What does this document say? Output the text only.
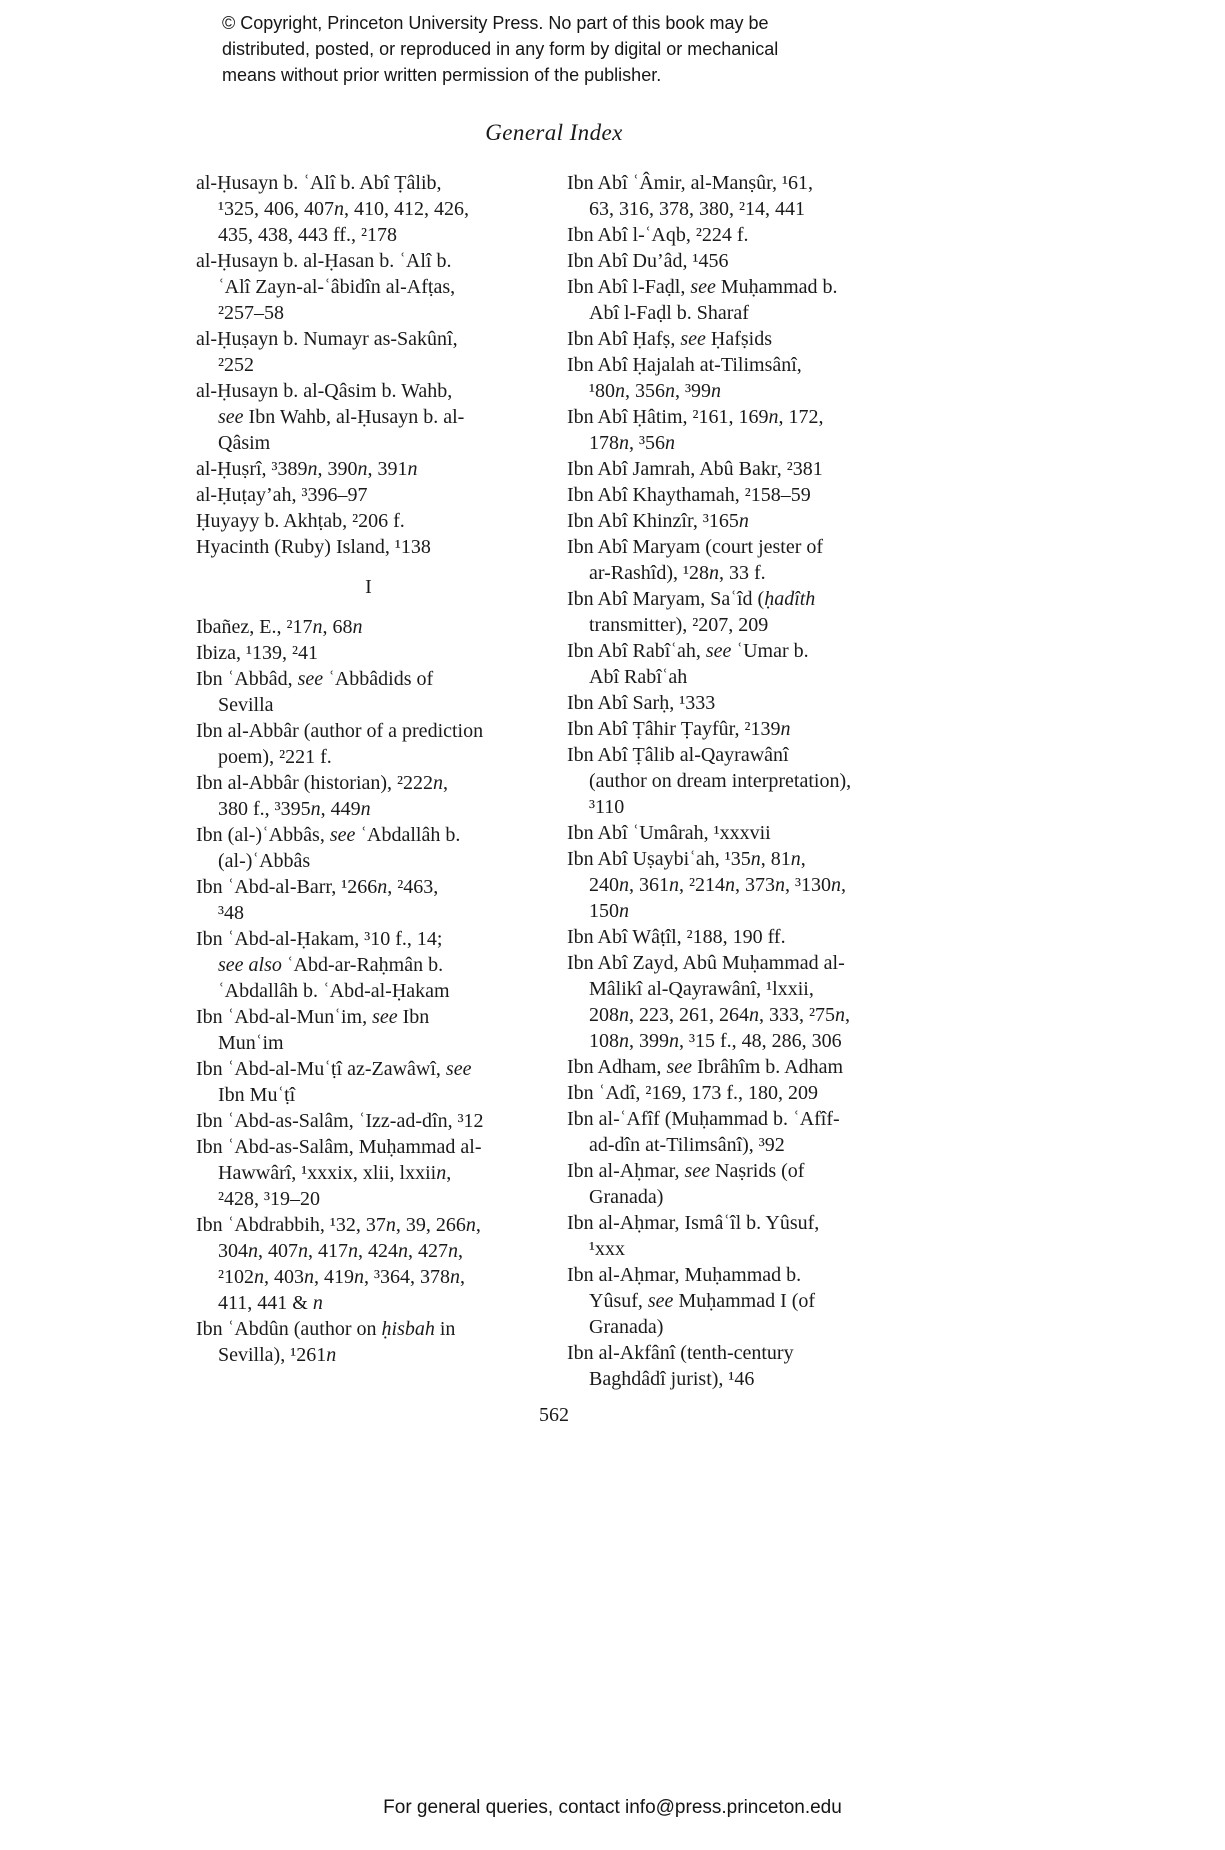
© Copyright, Princeton University Press. No part of this book may be
distributed, posted, or reproduced in any form by digital or mechanical
means without prior written permission of the publisher.
General Index
al-Ḥusayn b. ʿAlî b. Abî Ṭâlib,
¹325, 406, 407n, 410, 412, 426,
435, 438, 443 ff., ²178
al-Ḥusayn b. al-Ḥasan b. ʿAlî b.
ʿAlî Zayn-al-ʿâbidîn al-Afṭas,
²257–58
al-Ḥuṣayn b. Numayr as-Sakûnî,
²252
al-Ḥusayn b. al-Qâsim b. Wahb,
see Ibn Wahb, al-Ḥusayn b. al-
Qâsim
al-Ḥuṣrî, ³389n, 390n, 391n
al-Ḥuṭay’ah, ³396–97
Ḥuyayy b. Akhṭab, ²206 f.
Hyacinth (Ruby) Island, ¹138
I
Ibañez, E., ²17n, 68n
Ibiza, ¹139, ²41
Ibn ʿAbbâd, see ʿAbbâdids of
Sevilla
Ibn al-Abbâr (author of a prediction
poem), ²221 f.
Ibn al-Abbâr (historian), ²222n,
380 f., ³395n, 449n
Ibn (al-)ʿAbbâs, see ʿAbdallâh b.
(al-)ʿAbbâs
Ibn ʿAbd-al-Barr, ¹266n, ²463,
³48
Ibn ʿAbd-al-Ḥakam, ³10 f., 14;
see also ʿAbd-ar-Raḥmân b.
ʿAbdallâh b. ʿAbd-al-Ḥakam
Ibn ʿAbd-al-Munʿim, see Ibn
Munʿim
Ibn ʿAbd-al-Muʿṭî az-Zawâwî, see
Ibn Muʿṭî
Ibn ʿAbd-as-Salâm, ʿIzz-ad-dîn, ³12
Ibn ʿAbd-as-Salâm, Muḥammad al-
Hawwârî, ¹xxxix, xlii, lxxiin,
²428, ³19–20
Ibn ʿAbdrabbih, ¹32, 37n, 39, 266n,
304n, 407n, 417n, 424n, 427n,
²102n, 403n, 419n, ³364, 378n,
411, 441 & n
Ibn ʿAbdûn (author on ḥisbah in
Sevilla), ¹261n
Ibn Abî ʿÂmir, al-Manṣûr, ¹61,
63, 316, 378, 380, ²14, 441
Ibn Abî l-ʿAqb, ²224 f.
Ibn Abî Du’âd, ¹456
Ibn Abî l-Faḍl, see Muḥammad b.
Abî l-Faḍl b. Sharaf
Ibn Abî Ḥafṣ, see Ḥafṣids
Ibn Abî Ḥajalah at-Tilimsânî,
¹80n, 356n, ³99n
Ibn Abî Ḥâtim, ²161, 169n, 172,
178n, ³56n
Ibn Abî Jamrah, Abû Bakr, ²381
Ibn Abî Khaythamah, ²158–59
Ibn Abî Khinzîr, ³165n
Ibn Abî Maryam (court jester of
ar-Rashîd), ¹28n, 33 f.
Ibn Abî Maryam, Saʿîd (ḥadîth
transmitter), ²207, 209
Ibn Abî Rabîʿah, see ʿUmar b.
Abî Rabîʿah
Ibn Abî Sarḥ, ¹333
Ibn Abî Ṭâhir Ṭayfûr, ²139n
Ibn Abî Ṭâlib al-Qayrawânî
(author on dream interpretation),
³110
Ibn Abî ʿUmârah, ¹xxxvii
Ibn Abî Uṣaybiʿah, ¹35n, 81n,
240n, 361n, ²214n, 373n, ³130n,
150n
Ibn Abî Wâṭîl, ²188, 190 ff.
Ibn Abî Zayd, Abû Muḥammad al-
Mâlikî al-Qayrawânî, ¹lxxii,
208n, 223, 261, 264n, 333, ²75n,
108n, 399n, ³15 f., 48, 286, 306
Ibn Adham, see Ibrâhîm b. Adham
Ibn ʿAdî, ²169, 173 f., 180, 209
Ibn al-ʿAfîf (Muḥammad b. ʿAfîf-
ad-dîn at-Tilimsânî), ³92
Ibn al-Aḥmar, see Naṣrids (of
Granada)
Ibn al-Aḥmar, Ismâʿîl b. Yûsuf,
¹xxx
Ibn al-Aḥmar, Muḥammad b.
Yûsuf, see Muḥammad I (of
Granada)
Ibn al-Akfânî (tenth-century
Baghdâdî jurist), ¹46
562
For general queries, contact info@press.princeton.edu
